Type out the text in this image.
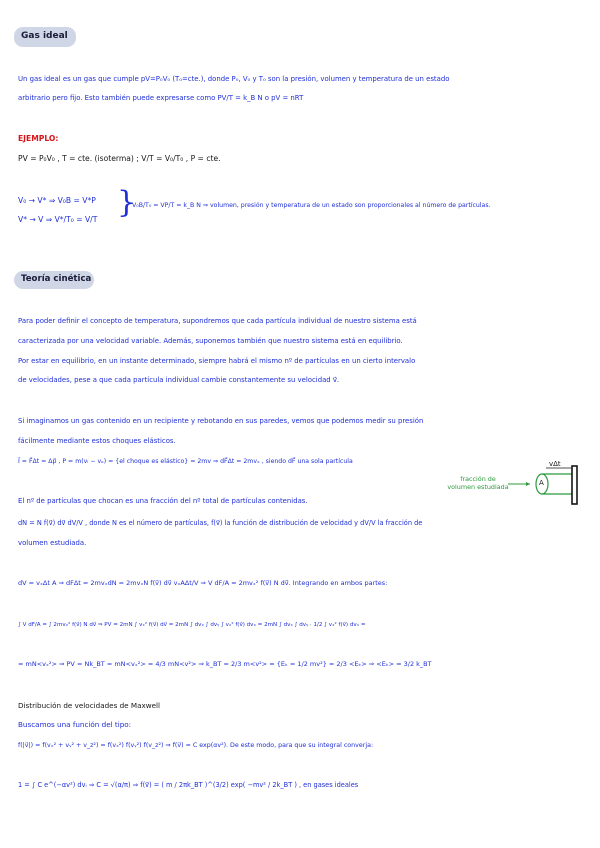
Gas ideal
Un gas ideal es un gas que cumple pV=P₀V₀ (T₀=cte.), donde P₀, V₀ y T₀ son la presión, volumen y temperatura de un estado
arbitrario pero fijo. Esto también puede expresarse como PV/T = k_B N o pV = nRT
EJEMPLO:
PV = P₀V₀ , T = cte. (isoterma) ; V/T = V₀/T₀ , P = cte.
V₀ → V* ⇒ V₀B = V*P
V* → V ⇒ V*/T₀ = V/T }
V₀B/T₀ = VP/T = k_B N ⇒ volumen, presión y temperatura de un estado son proporcionales al número de partículas.
Teoría cinética
Para poder definir el concepto de temperatura, supondremos que cada partícula individual de nuestro sistema está
caracterizada por una velocidad variable. Además, suponemos también que nuestro sistema está en equilibrio.
Por estar en equilibrio, en un instante determinado, siempre habrá el mismo nº de partículas en un cierto intervalo
de velocidades, pese a que cada partícula individual cambie constantemente su velocidad v⃗.
Si imaginamos un gas contenido en un recipiente y rebotando en sus paredes, vemos que podemos medir su presión
fácilmente mediante estos choques elásticos.
I⃗ = F⃗Δt = Δp⃗ , P = m(vᵢ − vₒ) = {el choque es elástico} = 2mv ⇒ dF⃗Δt = 2mvₓ , siendo dF⃗ una sola partícula
fracción de volumen estudiada
vΔt
A
El nº de partículas que chocan es una fracción del nº total de partículas contenidas.
dN = N f(v⃗) dv⃗ dV/V , donde N es el número de partículas, f(v⃗) la función de distribución de velocidad y dV/V la fracción de
volumen estudiada.
dV = vₓΔt A ⇒ dFΔt = 2mvₓdN = 2mvₓN f(v⃗) dv⃗ vₓAΔt/V ⇒ V dF/A = 2mvₓ² f(v⃗) N dv⃗. Integrando en ambos partes:
∫ V dF/A = ∫ 2mvₓ² f(v⃗) N dv⃗ ⇒ PV = 2mN ∫ vₓ² f(v⃗) dv⃗ = 2mN ∫ dvₓ ∫ dvᵧ ∫ vₓ² f(v⃗) dvₓ = 2mN ∫ dvₓ ∫ dvᵧ · 1/2 ∫ vₓ² f(v⃗) dvₓ =
= mN<vₓ²> ⇒ PV = Nk_BT = mN<vₓ²> = 4/3 mN<v²> ⇒ k_BT = 2/3 m<v²> = {Eₖ = 1/2 mv²} = 2/3 <Eₖ> ⇒ <Eₖ> = 3/2 k_BT
Distribución de velocidades de Maxwell
Buscamos una función del tipo:
f(|v⃗|) = f(vₓ² + vᵧ² + v_z²) = f(vₓ²) f(vᵧ²) f(v_z²) ⇒ f(v⃗) = C exp(αv²). De este modo, para que su integral converja:
1 = ∫ C e^(−αv²) dvᵢ ⇒ C = √(α/π) ⇒ f(v⃗) = ( m / 2πk_BT )^(3/2) exp( −mv² / 2k_BT ) , en gases ideales
